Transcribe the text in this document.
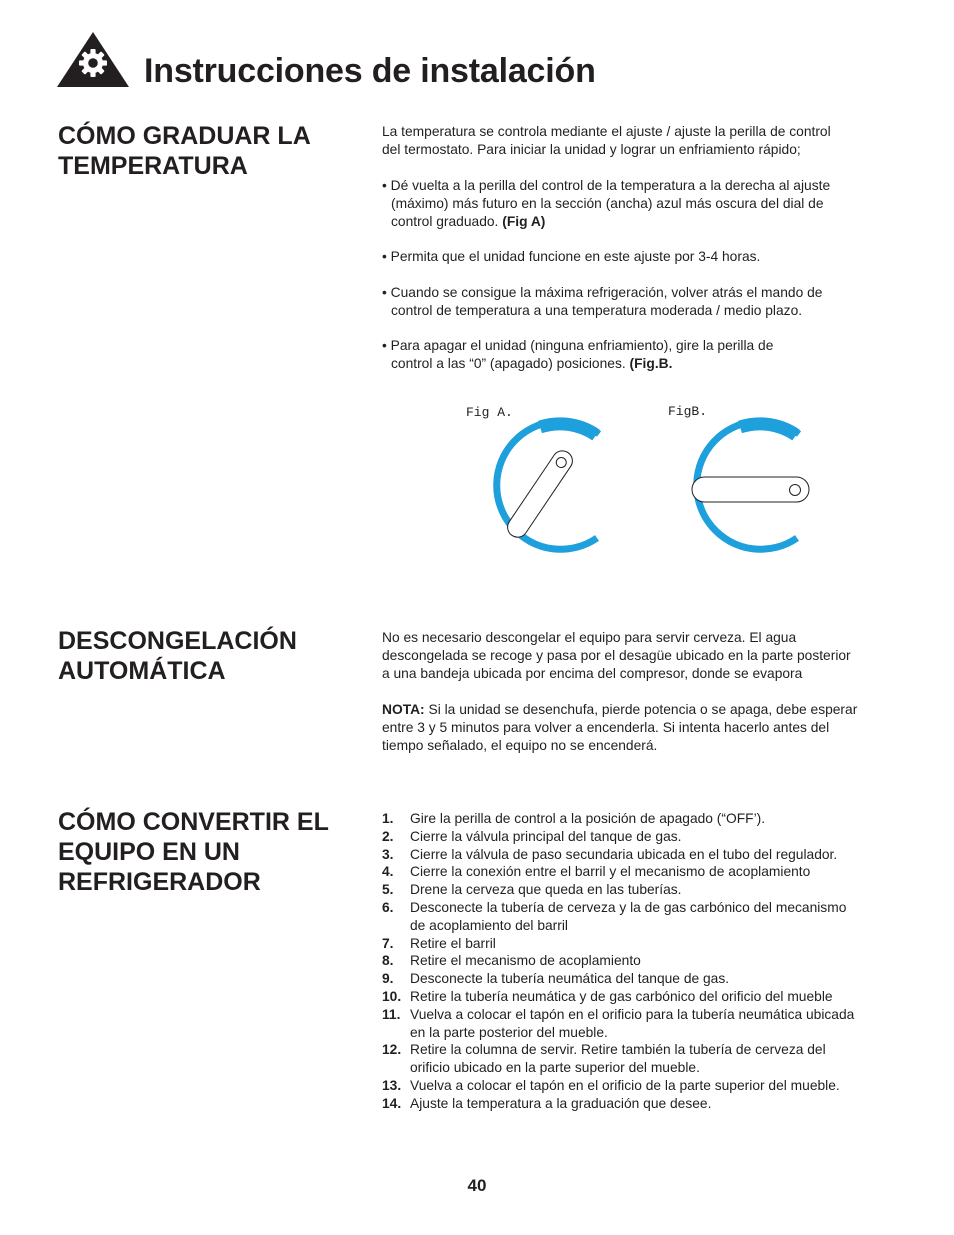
Instrucciones de instalación
CÓMO GRADUAR LA
TEMPERATURA

La temperatura se controla mediante el ajuste / ajuste la perilla de control

del termostato. Para iniciar la unidad y lograr un enfriamiento rápido;

• Dé vuelta a la perilla del control de la temperatura a la derecha al ajuste

(máximo) más futuro en la sección (ancha) azul más oscura del dial de

control graduado. (Fig A)

• Permita que el unidad funcione en este ajuste por 3-4 horas.

• Cuando se consigue la máxima refrigeración, volver atrás el mando de

control de temperatura a una temperatura moderada / medio plazo.

• Para apagar el unidad (ninguna enfriamiento), gire la perilla de

control a las “0” (apagado) posiciones. (Fig.B.

Fig A.	FigB.
DESCONGELACIÓN
AUTOMÁTICA

No es necesario descongelar el equipo para servir cerveza. El agua

descongelada se recoge y pasa por el desagüe ubicado en la parte posterior

a una bandeja ubicada por encima del compresor, donde se evapora

NOTA: Si la unidad se desenchufa, pierde potencia o se apaga, debe esperar

entre 3 y 5 minutos para volver a encenderla. Si intenta hacerlo antes del

tiempo señalado, el equipo no se encenderá.

CÓMO CONVERTIR EL
EQUIPO EN UN
REFRIGERADOR
1. Gire la perilla de control a la posición de apagado (“OFF’).
2. Cierre la válvula principal del tanque de gas.
3. Cierre la válvula de paso secundaria ubicada en el tubo del regulador.
4. Cierre la conexión entre el barril y el mecanismo de acoplamiento
5. Drene la cerveza que queda en las tuberías.
6. Desconecte la tubería de cerveza y la de gas carbónico del mecanismo
de acoplamiento del barril
7. Retire el barril
8. Retire el mecanismo de acoplamiento
9. Desconecte la tubería neumática del tanque de gas.
10. Retire la tubería neumática y de gas carbónico del orificio del mueble
11. Vuelva a colocar el tapón en el orificio para la tubería neumática ubicada
en la parte posterior del mueble.
12. Retire la columna de servir. Retire también la tubería de cerveza del
orificio ubicado en la parte superior del mueble.
13. Vuelva a colocar el tapón en el orificio de la parte superior del mueble.
14. Ajuste la temperatura a la graduación que desee.
40
